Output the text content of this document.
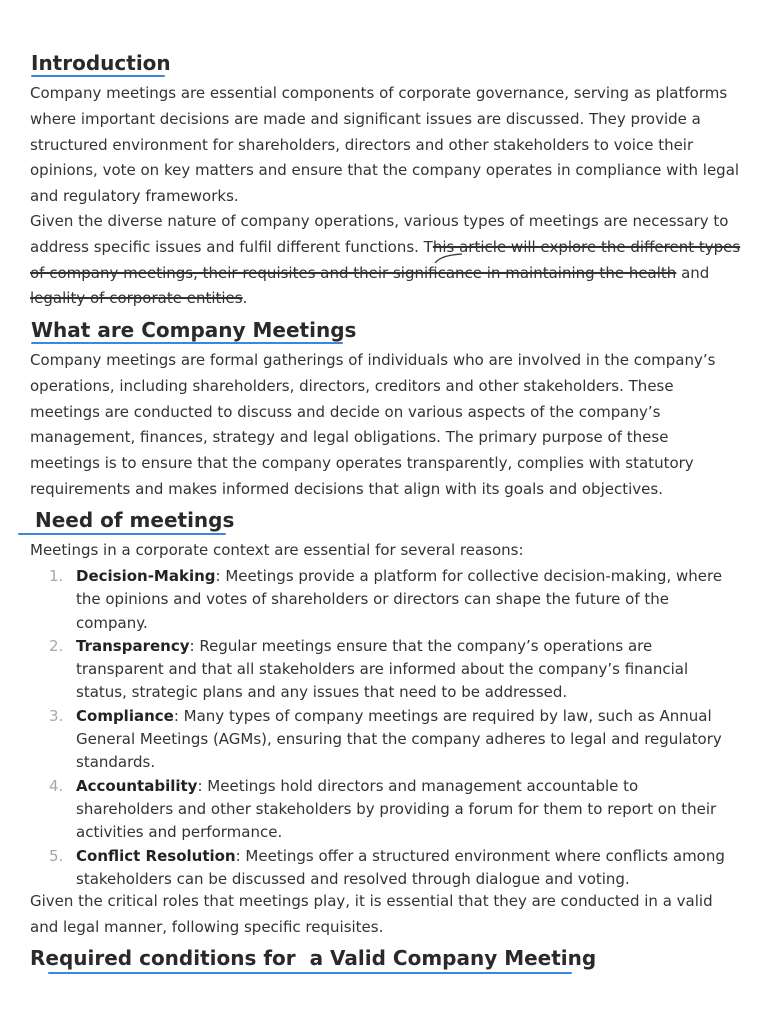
Introduction

Company meetings are essential components of corporate governance, serving as platforms where important decisions are made and significant issues are discussed. They provide a structured environment for shareholders, directors and other stakeholders to voice their opinions, vote on key matters and ensure that the company operates in compliance with legal and regulatory frameworks.

Given the diverse nature of company operations, various types of meetings are necessary to address specific issues and fulfil different functions. This article will explore the different types of company meetings, their requisites and their significance in maintaining the health and legality of corporate entities.

What are Company Meetings

Company meetings are formal gatherings of individuals who are involved in the company’s operations, including shareholders, directors, creditors and other stakeholders. These meetings are conducted to discuss and decide on various aspects of the company’s management, finances, strategy and legal obligations. The primary purpose of these meetings is to ensure that the company operates transparently, complies with statutory requirements and makes informed decisions that align with its goals and objectives.

Need of meetings

Meetings in a corporate context are essential for several reasons:

1. Decision-Making: Meetings provide a platform for collective decision-making, where the opinions and votes of shareholders or directors can shape the future of the company.
2. Transparency: Regular meetings ensure that the company’s operations are transparent and that all stakeholders are informed about the company’s financial status, strategic plans and any issues that need to be addressed.
3. Compliance: Many types of company meetings are required by law, such as Annual General Meetings (AGMs), ensuring that the company adheres to legal and regulatory standards.
4. Accountability: Meetings hold directors and management accountable to shareholders and other stakeholders by providing a forum for them to report on their activities and performance.
5. Conflict Resolution: Meetings offer a structured environment where conflicts among stakeholders can be discussed and resolved through dialogue and voting.

Given the critical roles that meetings play, it is essential that they are conducted in a valid and legal manner, following specific requisites.

Required conditions for  a Valid Company Meeting
